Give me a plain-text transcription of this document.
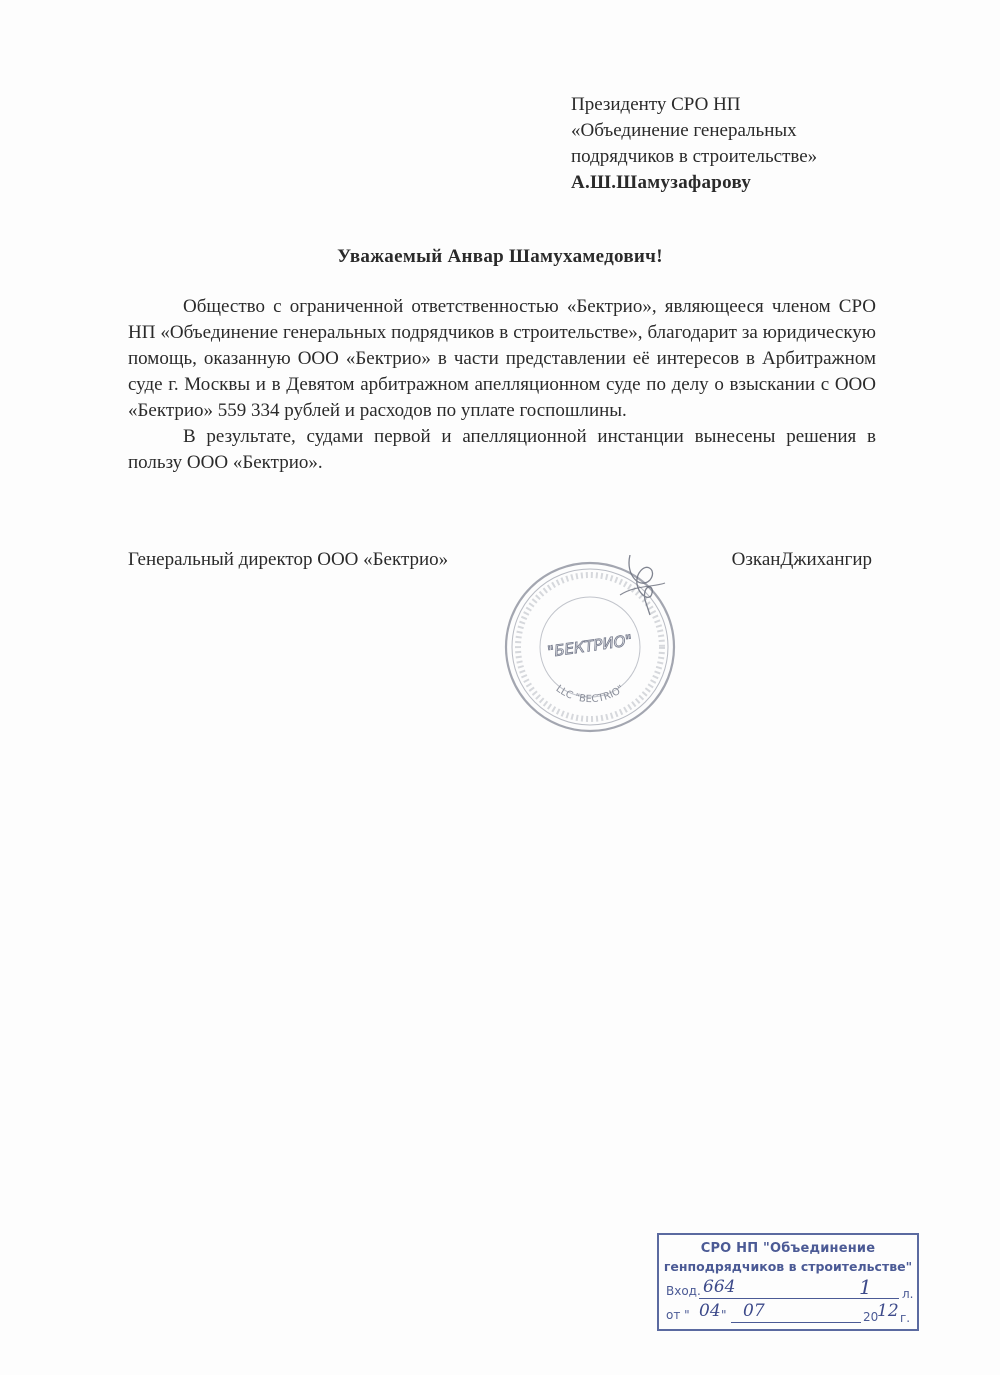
Президенту СРО НП
«Объединение генеральных
подрядчиков в строительстве»
А.Ш.Шамузафарову
Уважаемый Анвар Шамухамедович!

Общество с ограниченной ответственностью «Бектрио», являющееся членом СРО НП «Объединение генеральных подрядчиков в строительстве», благодарит за юридическую помощь, оказанную ООО «Бектрио» в части представлении её интересов в Арбитражном суде г. Москвы и в Девятом арбитражном апелляционном суде по делу о взыскании с ООО «Бектрио» 559 334 рублей и расходов по уплате госпошлины.

В результате, судами первой и апелляционной инстанции вынесены решения в пользу ООО «Бектрио».

Генеральный директор ООО «Бектрио»	ОзканДжихангир
"БЕКТРИО"
LLC "BECTRIO"
СРО НП "Объединение
генподрядчиков в строительстве"
Вход. 664	1	л.
от " 04 " 07	20
12 г.
